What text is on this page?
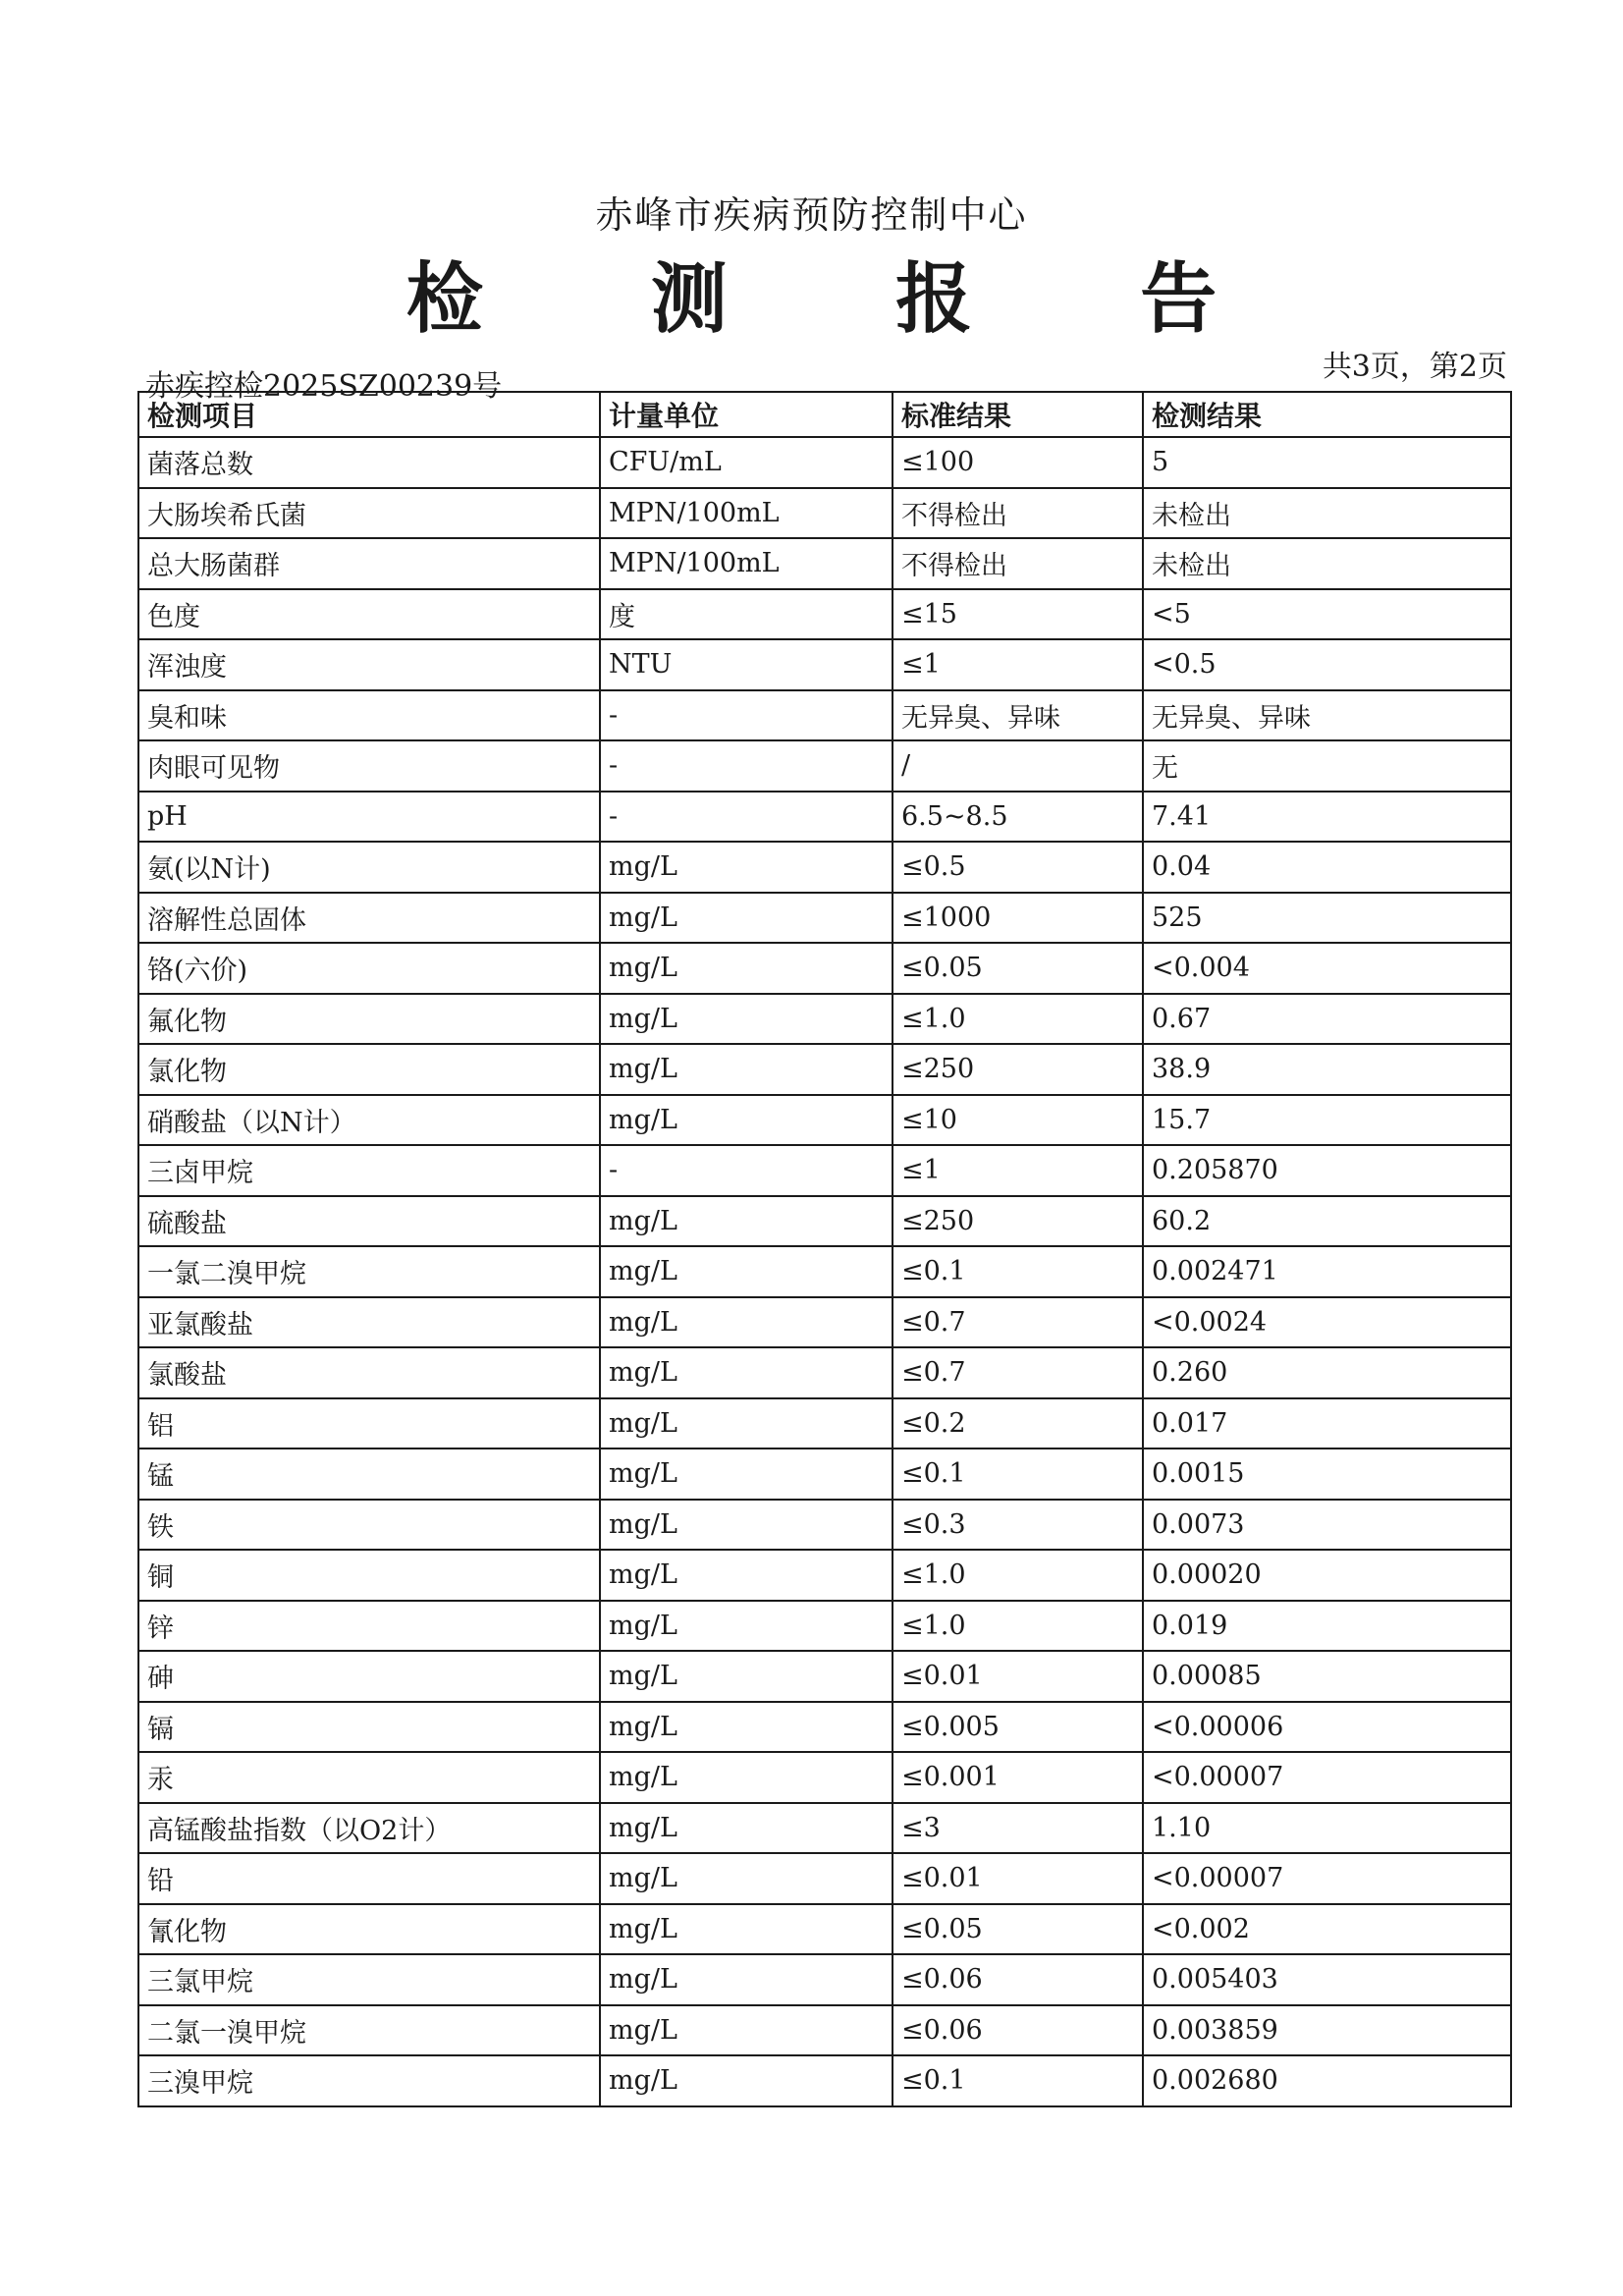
赤峰市疾病预防控制中心
检 测 报 告
赤疾控检2025SZ00239号
共3页，第2页
检测项目	计量单位	标准结果	检测结果
菌落总数	CFU/mL	≤100	5
大肠埃希氏菌	MPN/100mL	不得检出	未检出
总大肠菌群	MPN/100mL	不得检出	未检出
色度	度	≤15	<5
浑浊度	NTU	≤1	<0.5
臭和味	-	无异臭、异味	无异臭、异味
肉眼可见物	-	/	无
pH	-	6.5~8.5	7.41
氨(以N计)	mg/L	≤0.5	0.04
溶解性总固体	mg/L	≤1000	525
铬(六价)	mg/L	≤0.05	<0.004
氟化物	mg/L	≤1.0	0.67
氯化物	mg/L	≤250	38.9
硝酸盐（以N计）	mg/L	≤10	15.7
三卤甲烷	-	≤1	0.205870
硫酸盐	mg/L	≤250	60.2
一氯二溴甲烷	mg/L	≤0.1	0.002471
亚氯酸盐	mg/L	≤0.7	<0.0024
氯酸盐	mg/L	≤0.7	0.260
铝	mg/L	≤0.2	0.017
锰	mg/L	≤0.1	0.0015
铁	mg/L	≤0.3	0.0073
铜	mg/L	≤1.0	0.00020
锌	mg/L	≤1.0	0.019
砷	mg/L	≤0.01	0.00085
镉	mg/L	≤0.005	<0.00006
汞	mg/L	≤0.001	<0.00007
高锰酸盐指数（以O2计）	mg/L	≤3	1.10
铅	mg/L	≤0.01	<0.00007
氰化物	mg/L	≤0.05	<0.002
三氯甲烷	mg/L	≤0.06	0.005403
二氯一溴甲烷	mg/L	≤0.06	0.003859
三溴甲烷	mg/L	≤0.1	0.002680
